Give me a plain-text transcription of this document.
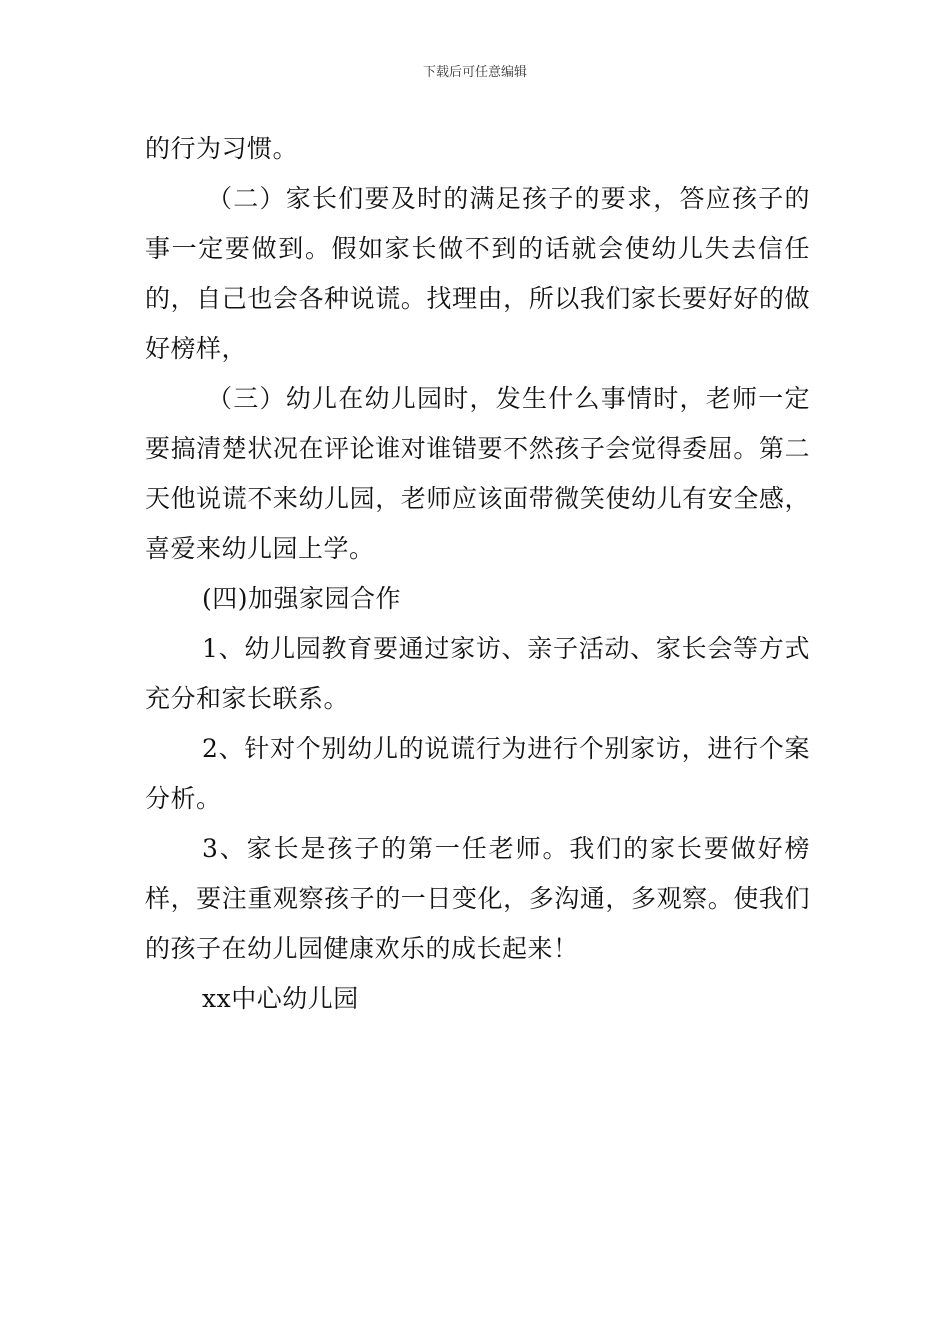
下载后可任意编辑

的行为习惯。

（二）家长们要及时的满足孩子的要求，答应孩子的事一定要做到。假如家长做不到的话就会使幼儿失去信任的，自己也会各种说谎。找理由，所以我们家长要好好的做好榜样，

（三）幼儿在幼儿园时，发生什么事情时，老师一定要搞清楚状况在评论谁对谁错要不然孩子会觉得委屈。第二天他说谎不来幼儿园，老师应该面带微笑使幼儿有安全感，喜爱来幼儿园上学。

(四)加强家园合作

1、幼儿园教育要通过家访、亲子活动、家长会等方式充分和家长联系。

2、针对个别幼儿的说谎行为进行个别家访，进行个案分析。

3、家长是孩子的第一任老师。我们的家长要做好榜样，要注重观察孩子的一日变化，多沟通，多观察。使我们的孩子在幼儿园健康欢乐的成长起来！

xx中心幼儿园
